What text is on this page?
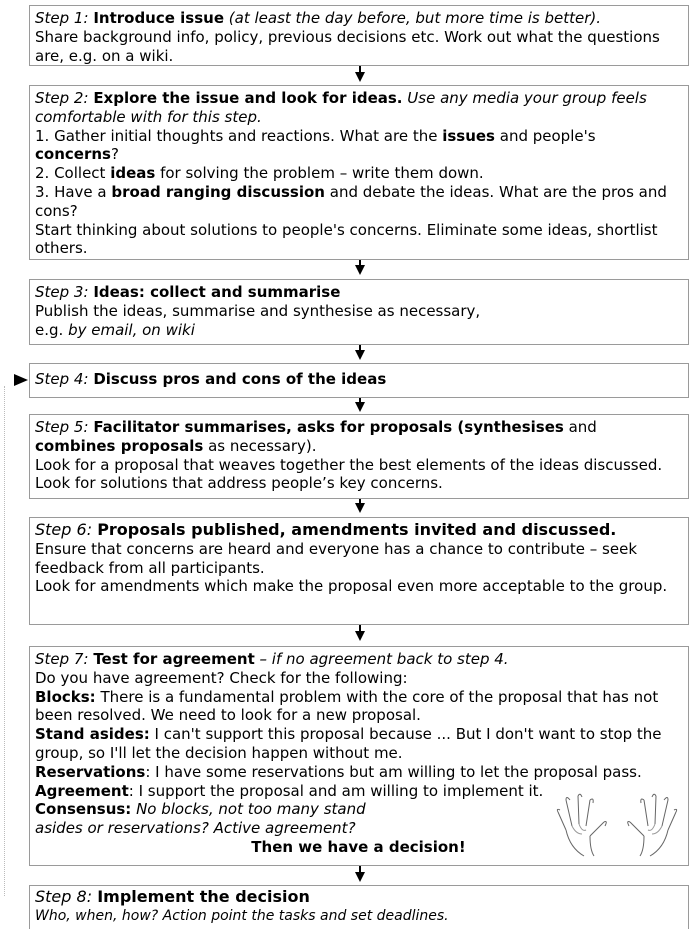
Step 1: Introduce issue (at least the day before, but more time is better).

Share background info, policy, previous decisions etc. Work out what the questions are, e.g. on a wiki.

Step 2: Explore the issue and look for ideas. Use any media your group feels comfortable with for this step.

1. Gather initial thoughts and reactions. What are the issues and people's concerns?

2. Collect ideas for solving the problem – write them down.

3. Have a broad ranging discussion and debate the ideas. What are the pros and cons?

Start thinking about solutions to people's concerns. Eliminate some ideas, shortlist others.

Step 3: Ideas: collect and summarise

Publish the ideas, summarise and synthesise as necessary,

e.g. by email, on wiki

Step 4: Discuss pros and cons of the ideas

Step 5: Facilitator summarises, asks for proposals (synthesises and combines proposals as necessary).

Look for a proposal that weaves together the best elements of the ideas discussed. Look for solutions that address people’s key concerns.

Step 6: Proposals published, amendments invited and discussed.

Ensure that concerns are heard and everyone has a chance to contribute – seek feedback from all participants.

Look for amendments which make the proposal even more acceptable to the group.

Step 7: Test for agreement – if no agreement back to step 4.

Do you have agreement? Check for the following:

Blocks: There is a fundamental problem with the core of the proposal that has not been resolved. We need to look for a new proposal.

Stand asides: I can't support this proposal because ... But I don't want to stop the group, so I'll let the decision happen without me.

Reservations: I have some reservations but am willing to let the proposal pass.

Agreement: I support the proposal and am willing to implement it.

Consensus: No blocks, not too many stand

asides or reservations? Active agreement?

Then we have a decision!

Step 8: Implement the decision

Who, when, how? Action point the tasks and set deadlines.
